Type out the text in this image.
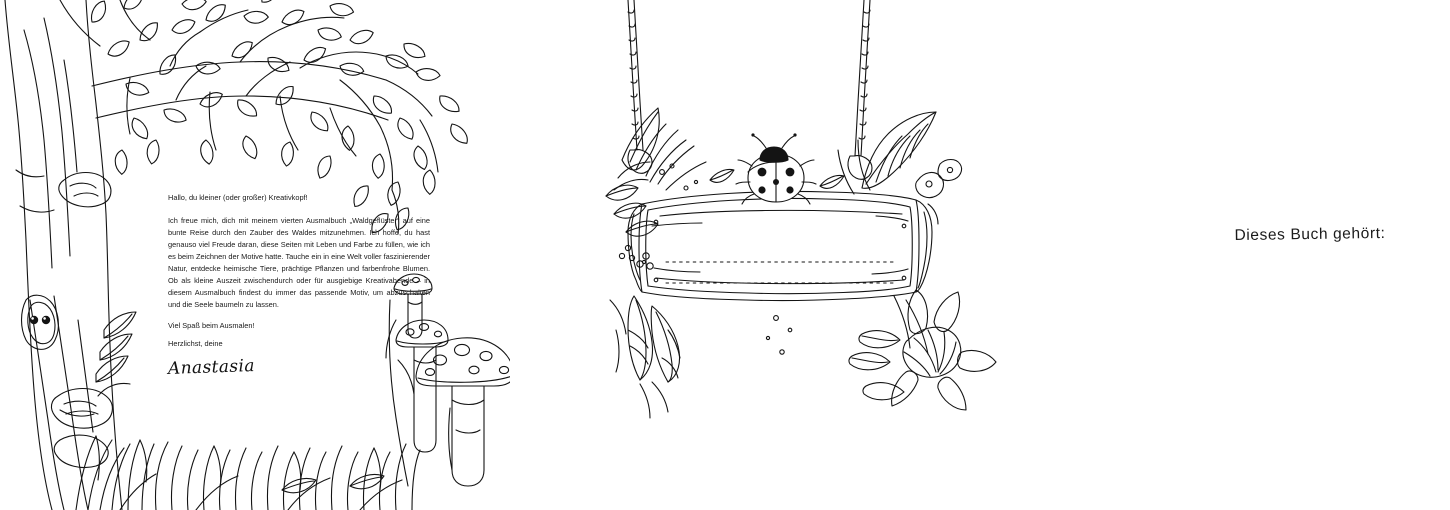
Hallo, du kleiner (oder großer) Kreativkopf!

Ich freue mich, dich mit meinem vierten Ausmalbuch „Waldgeflüster“ auf eine bunte Reise durch den Zauber des Waldes mitzunehmen. Ich hoffe, du hast genauso viel Freude daran, diese Seiten mit Leben und Farbe zu füllen, wie ich es beim Zeichnen der Motive hatte. Tauche ein in eine Welt voller faszinierender Natur, entdecke heimische Tiere, prächtige Pflanzen und farbenfrohe Blumen. Ob als kleine Auszeit zwischendurch oder für ausgiebige Kreativabende – in diesem Ausmalbuch findest du immer das passende Motiv, um abzuschalten und die Seele baumeln zu lassen.

Viel Spaß beim Ausmalen!

Herzlichst, deine

Anastasia
Dieses Buch gehört:
